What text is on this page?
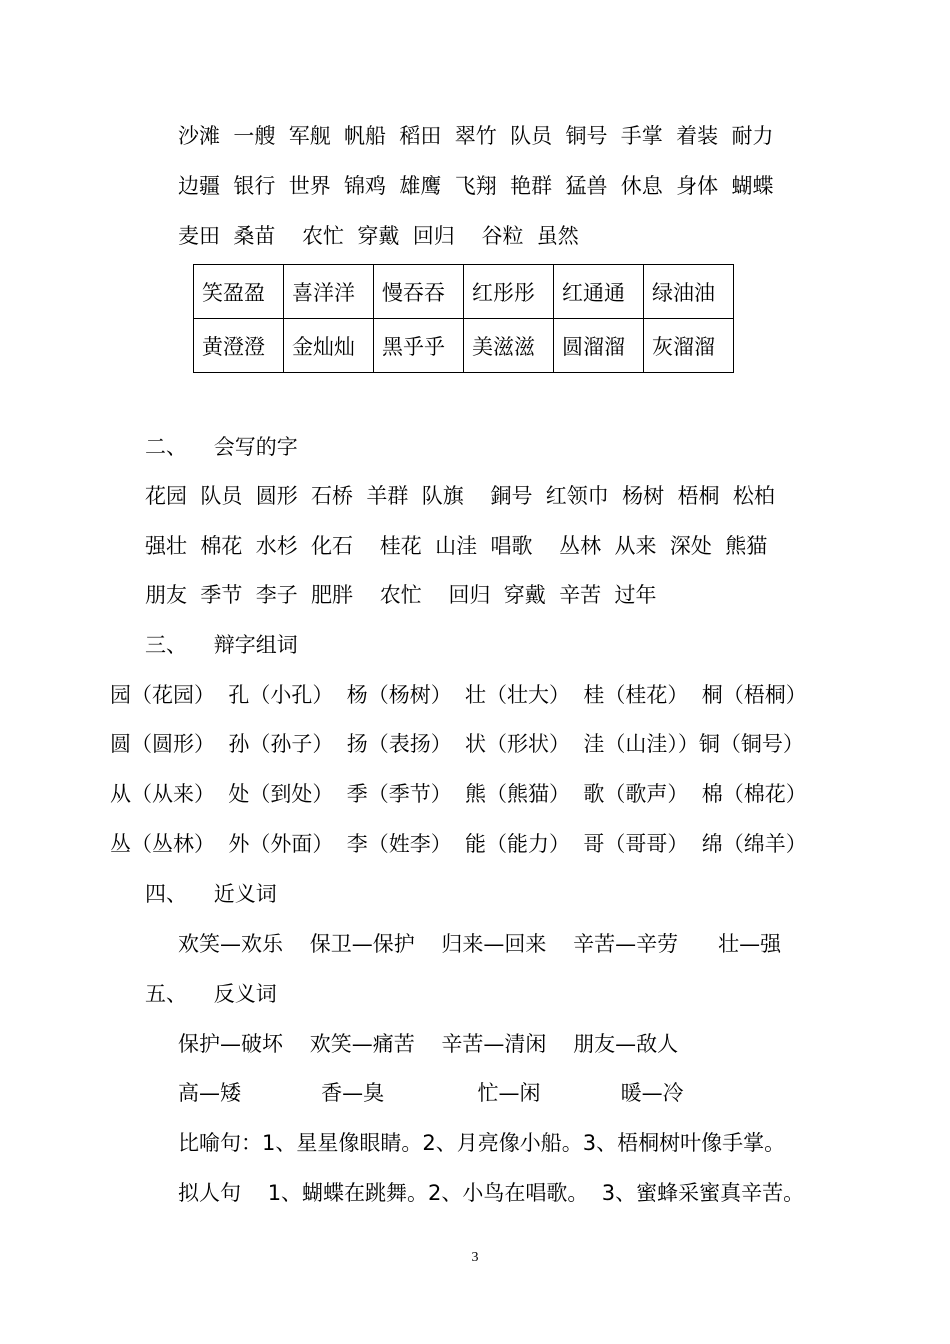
沙滩  一艘  军舰  帆船  稻田  翠竹  队员  铜号  手掌  着装  耐力
边疆  银行  世界  锦鸡  雄鹰  飞翔  艳群  猛兽  休息  身体  蝴蝶
麦田  桑苗    农忙  穿戴  回归    谷粒  虽然
笑盈盈	喜洋洋	慢吞吞	红彤彤	红通通	绿油油
黄澄澄	金灿灿	黑乎乎	美滋滋	圆溜溜	灰溜溜
二、    会写的字
花园  队员  圆形  石桥  羊群  队旗    銅号  红领巾  杨树  梧桐  松柏
强壮  棉花  水杉  化石    桂花  山洼  唱歌    丛林  从来  深处  熊猫
朋友  季节  李子  肥胖    农忙    回归  穿戴  辛苦  过年
三、    辩字组词
园（花园）  孔（小孔）  杨（杨树）  壮（壮大）  桂（桂花）  桐（梧桐）
圆（圆形）  孙（孙子）  扬（表扬）  状（形状）  洼（山洼））铜（铜号）
从（从来）  处（到处）  季（季节）  熊（熊猫）  歌（歌声）  棉（棉花）
丛（丛林）  外（外面）  李（姓李）  能（能力）  哥（哥哥）  绵（绵羊）
四、    近义词
欢笑—欢乐    保卫—保护    归来—回来    辛苦—辛劳      壮—强
五、    反义词
保护—破坏    欢笑—痛苦    辛苦—清闲    朋友—敌人
高—矮            香—臭              忙—闲            暖—冷
比喻句：1、星星像眼睛。2、月亮像小船。3、梧桐树叶像手掌。
拟人句    1、蝴蝶在跳舞。2、小鸟在唱歌。  3、蜜蜂采蜜真辛苦。
3
